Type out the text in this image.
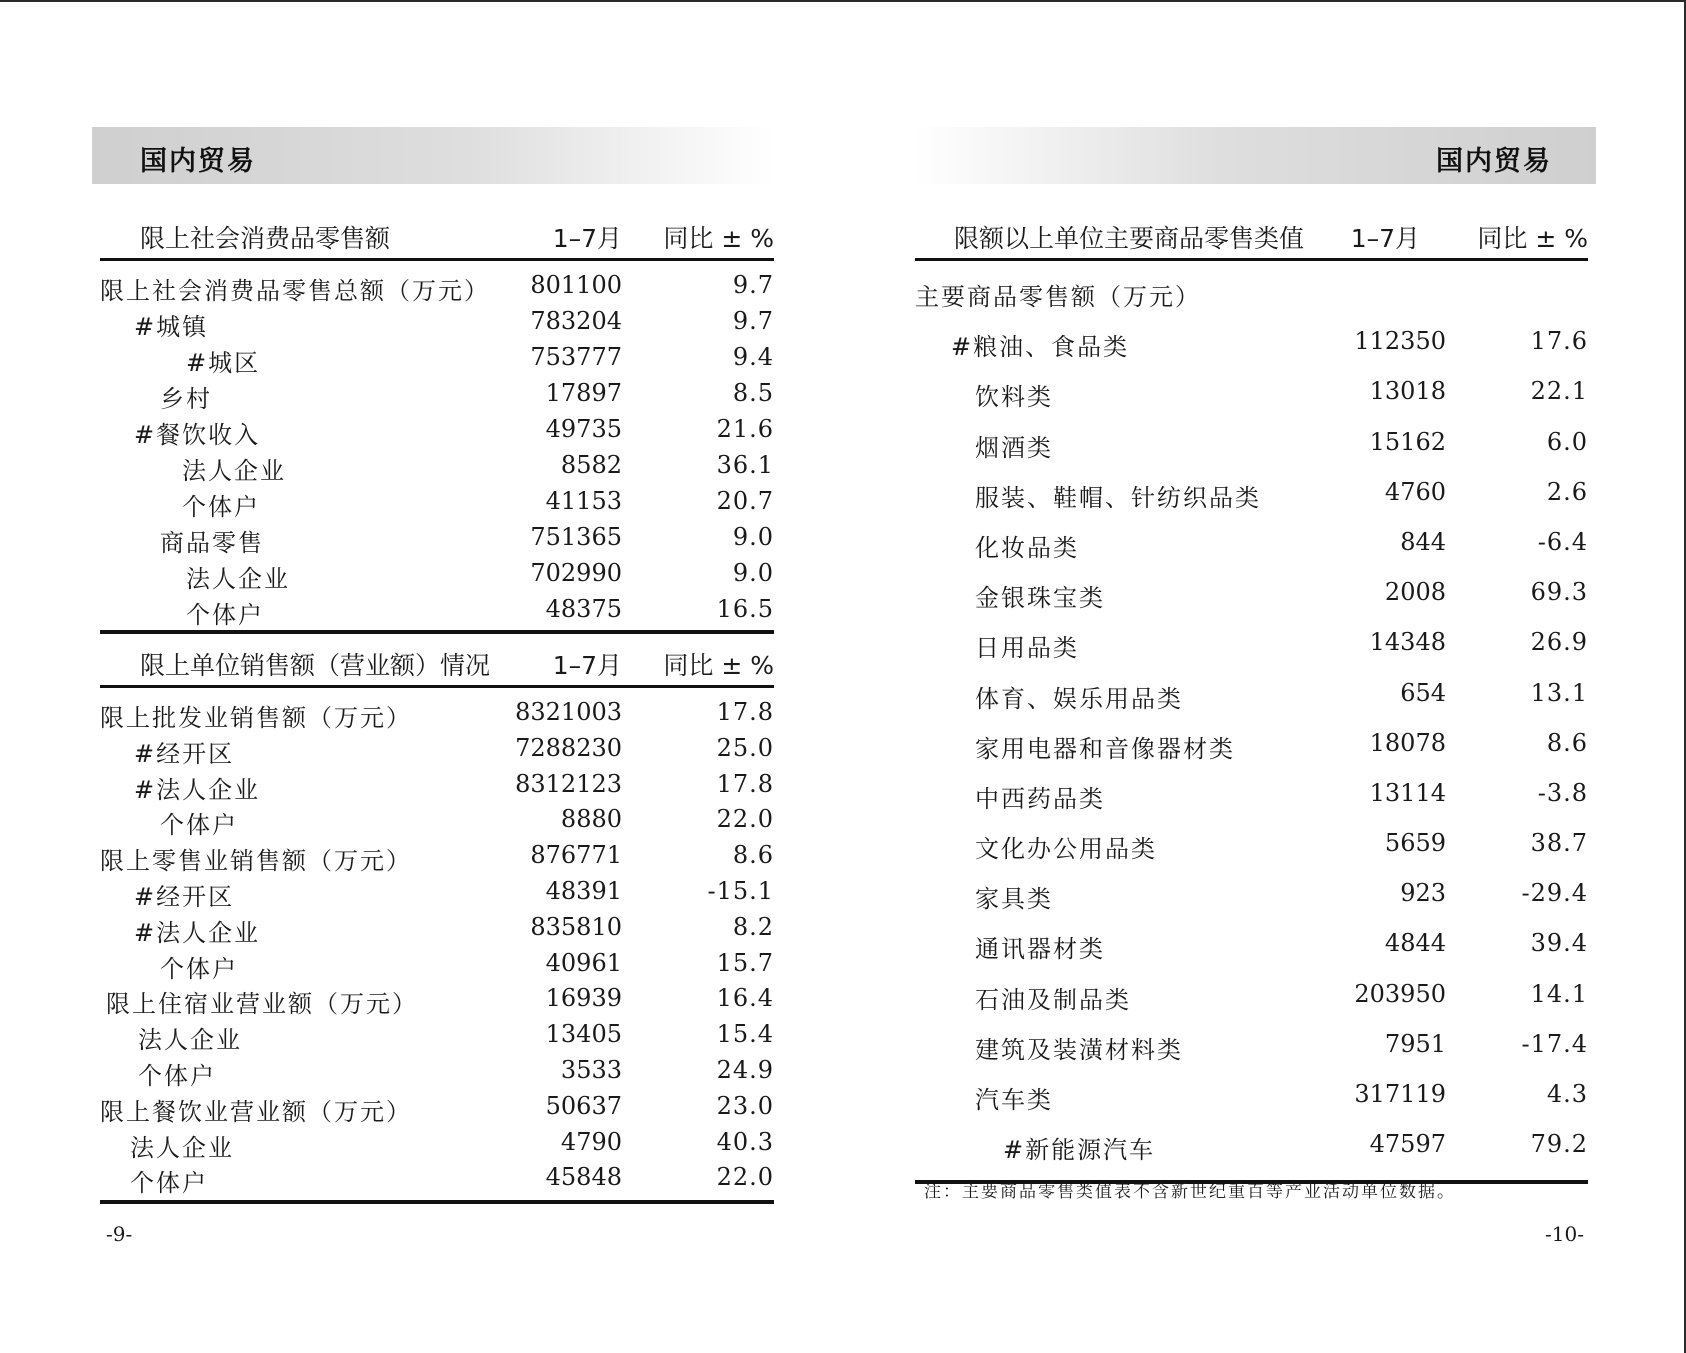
国内贸易
限上社会消费品零售额	1–7月 同比 ± %
限上社会消费品零售总额（万元） 801100	9.7
#城镇	783204	9.7
#城区	753777	9.4
乡村	17897	8.5
#餐饮收入	49735	21.6
法人企业	8582	36.1
个体户	41153	20.7
商品零售	751365	9.0
法人企业	702990	9.0
个体户	48375	16.5
限上单位销售额（营业额）情况	1–7月 同比 ± %
限上批发业销售额（万元）	8321003	17.8
#经开区	7288230	25.0
#法人企业	8312123	17.8
个体户	8880	22.0
限上零售业销售额（万元）	876771	8.6
#经开区	48391	-15.1
#法人企业	835810	8.2
个体户	40961	15.7
限上住宿业营业额（万元）	16939	16.4
法人企业	13405	15.4
个体户	3533	24.9
限上餐饮业营业额（万元）	50637	23.0
法人企业	4790	40.3
个体户	45848	22.0
-9-
国内贸易
限额以上单位主要商品零售类值 1–7月 同比 ± %
主要商品零售额（万元）
#粮油、食品类	112350	17.6
饮料类	13018	22.1
烟酒类	15162	6.0
服装、鞋帽、针纺织品类	4760	2.6
化妆品类	844	-6.4
金银珠宝类	2008	69.3
日用品类	14348	26.9
体育、娱乐用品类	654	13.1
家用电器和音像器材类	18078	8.6
中西药品类	13114	-3.8
文化办公用品类	5659	38.7
家具类	923	-29.4
通讯器材类	4844	39.4
石油及制品类	203950	14.1
建筑及装潢材料类	7951	-17.4
汽车类	317119	4.3
#新能源汽车	47597	79.2
注：主要商品零售类值表不含新世纪重百等产业活动单位数据。
-10-
